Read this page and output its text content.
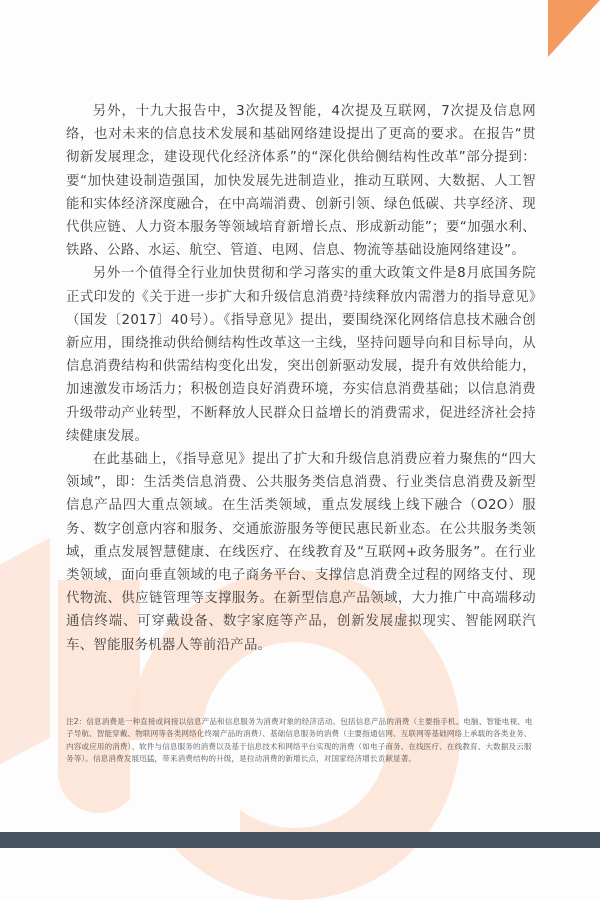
另外，十九大报告中，3次提及智能，4次提及互联网，7次提及信息网络，也对未来的信息技术发展和基础网络建设提出了更高的要求。在报告“贯彻新发展理念，建设现代化经济体系”的“深化供给侧结构性改革”部分提到：要“加快建设制造强国，加快发展先进制造业，推动互联网、大数据、人工智能和实体经济深度融合，在中高端消费、创新引领、绿色低碳、共享经济、现代供应链、人力资本服务等领域培育新增长点、形成新动能”；要“加强水利、铁路、公路、水运、航空、管道、电网、信息、物流等基础设施网络建设”。

另外一个值得全行业加快贯彻和学习落实的重大政策文件是8月底国务院正式印发的《关于进一步扩大和升级信息消费$^2$持续释放内需潜力的指导意见》（国发〔2017〕40号）。《指导意见》提出，要围绕深化网络信息技术融合创新应用，围绕推动供给侧结构性改革这一主线，坚持问题导向和目标导向，从信息消费结构和供需结构变化出发，突出创新驱动发展，提升有效供给能力，加速激发市场活力；积极创造良好消费环境，夯实信息消费基础；以信息消费升级带动产业转型，不断释放人民群众日益增长的消费需求，促进经济社会持续健康发展。

在此基础上，《指导意见》提出了扩大和升级信息消费应着力聚焦的“四大领域”，即：生活类信息消费、公共服务类信息消费、行业类信息消费及新型信息产品四大重点领域。在生活类领域，重点发展线上线下融合（O2O）服务、数字创意内容和服务、交通旅游服务等便民惠民新业态。在公共服务类领域，重点发展智慧健康、在线医疗、在线教育及“互联网+政务服务”。在行业类领域，面向垂直领域的电子商务平台、支撑信息消费全过程的网络支付、现代物流、供应链管理等支撑服务。在新型信息产品领域，大力推广中高端移动通信终端、可穿戴设备、数字家庭等产品，创新发展虚拟现实、智能网联汽车、智能服务机器人等前沿产品。

注2：信息消费是一种直接或间接以信息产品和信息服务为消费对象的经济活动。包括信息产品的消费（主要指手机、电脑、智能电视、电子导航、智能穿戴、物联网等各类网络化终端产品的消费）、基础信息服务的消费（主要指通信网、互联网等基础网络上承载的各类业务、内容或应用的消费）、软件与信息服务的消费以及基于信息技术和网络平台实现的消费（如电子商务、在线医疗、在线教育、大数据及云服务等）。信息消费发展迅猛，带来消费结构的升级，是拉动消费的新增长点，对国家经济增长贡献显著。
